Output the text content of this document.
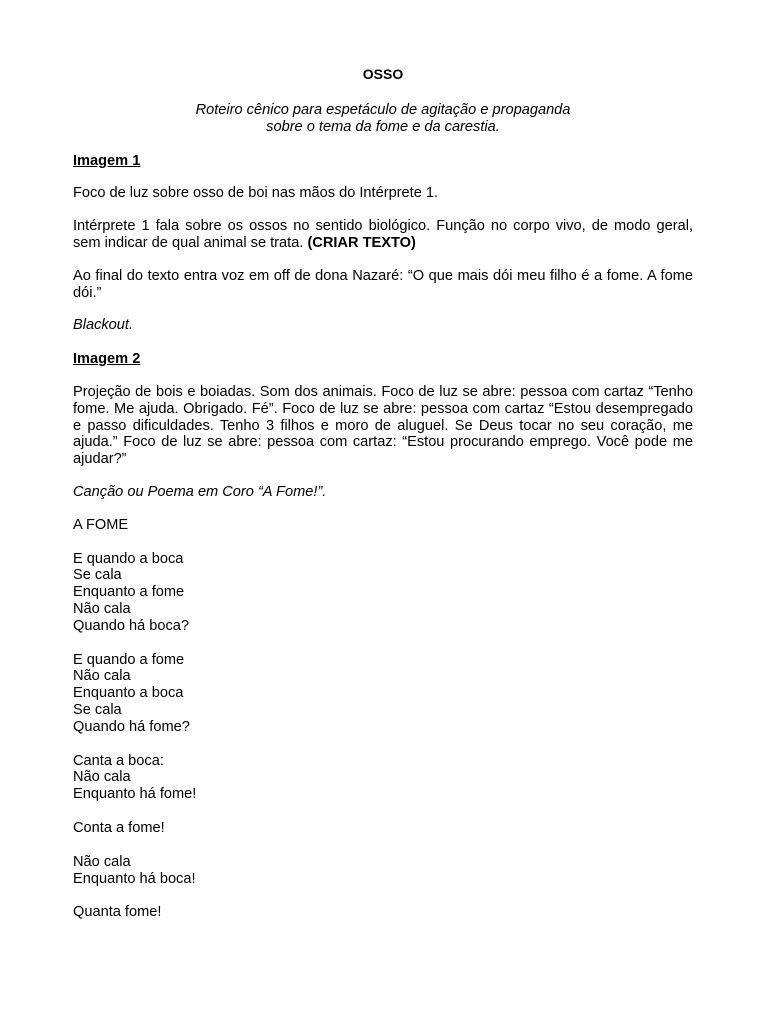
OSSO
Roteiro cênico para espetáculo de agitação e propaganda
sobre o tema da fome e da carestia.
Imagem 1

Foco de luz sobre osso de boi nas mãos do Intérprete 1.

Intérprete 1 fala sobre os ossos no sentido biológico. Função no corpo vivo, de modo geral, sem indicar de qual animal se trata. (CRIAR TEXTO)

Ao final do texto entra voz em off de dona Nazaré: “O que mais dói meu filho é a fome. A fome dói.”

Blackout.

Imagem 2

Projeção de bois e boiadas. Som dos animais. Foco de luz se abre: pessoa com cartaz “Tenho fome. Me ajuda. Obrigado. Fé”. Foco de luz se abre: pessoa com cartaz “Estou desempregado e passo dificuldades. Tenho 3 filhos e moro de aluguel. Se Deus tocar no seu coração, me ajuda.” Foco de luz se abre: pessoa com cartaz: “Estou procurando emprego. Você pode me ajudar?”

Canção ou Poema em Coro “A Fome!”.

A FOME

E quando a boca
Se cala
Enquanto a fome
Não cala
Quando há boca?
E quando a fome
Não cala
Enquanto a boca
Se cala
Quando há fome?
Canta a boca:
Não cala
Enquanto há fome!
Conta a fome!
Não cala
Enquanto há boca!
Quanta fome!
